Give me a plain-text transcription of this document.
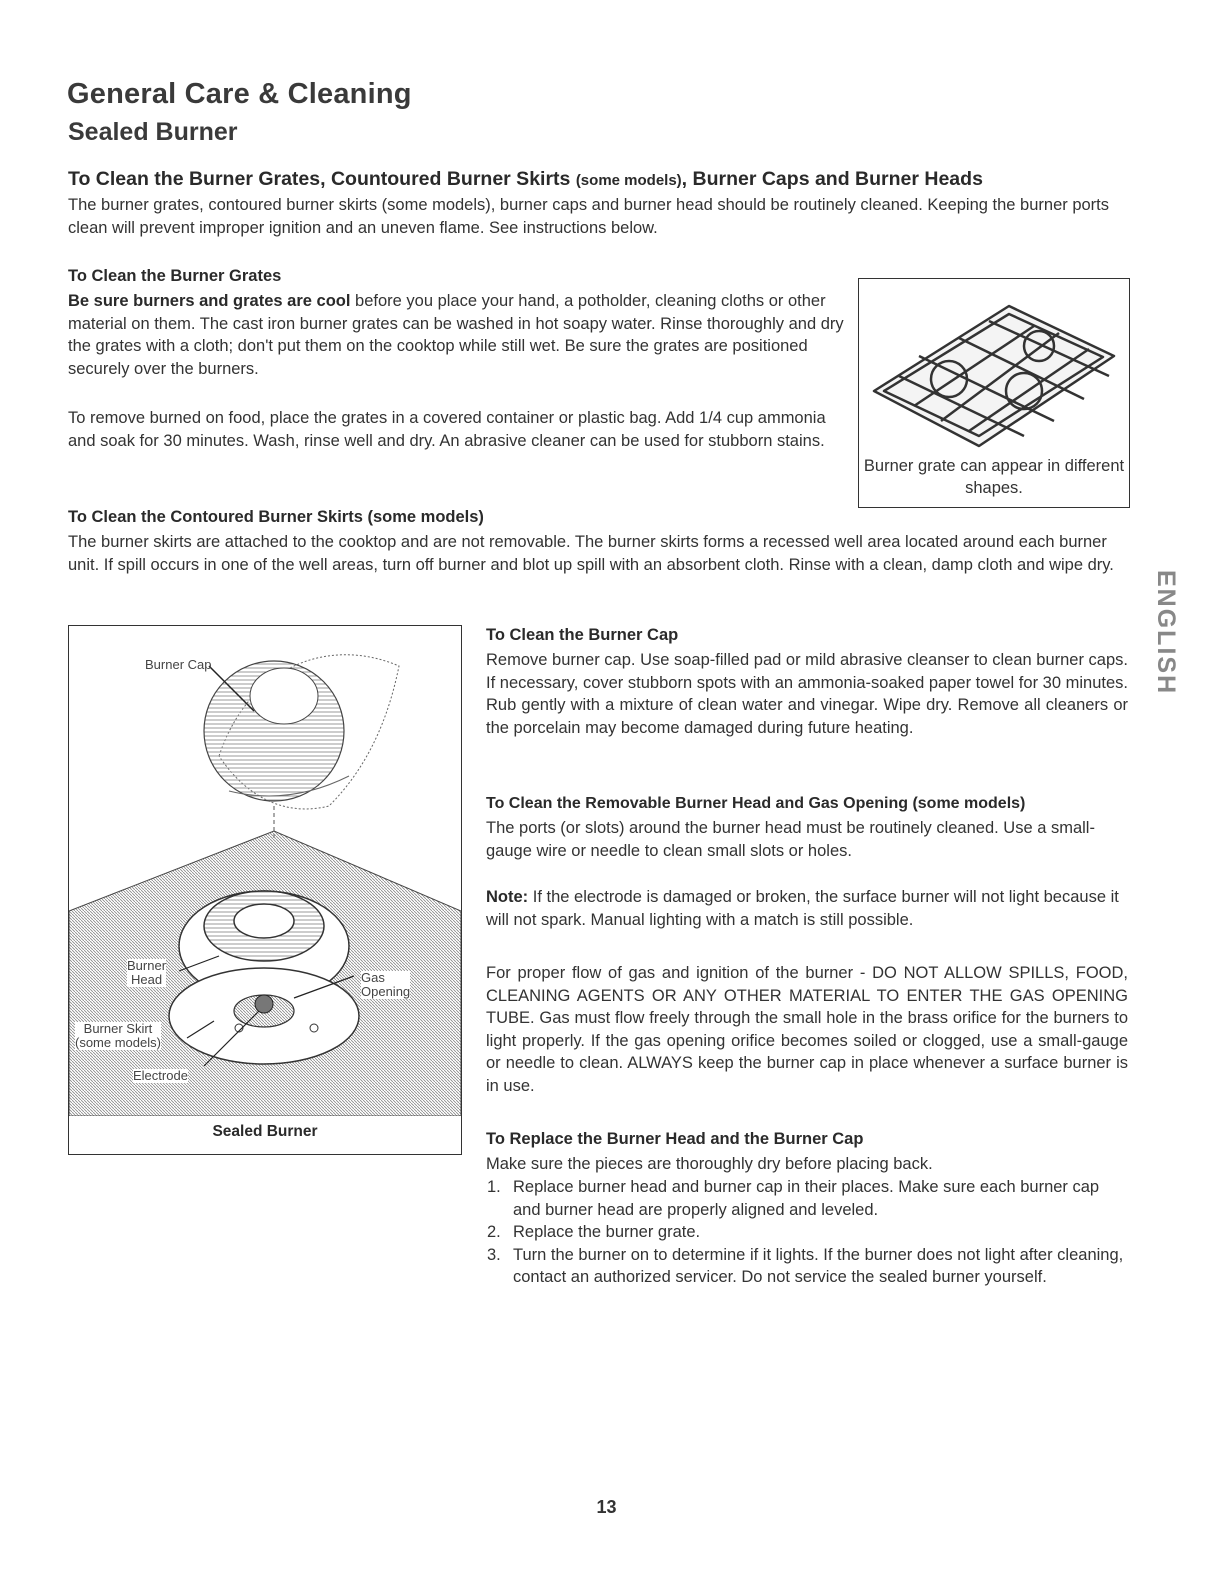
General Care & Cleaning
Sealed Burner
To Clean the Burner Grates, Countoured Burner Skirts (some models), Burner Caps and Burner Heads
The burner grates, contoured burner skirts (some models), burner caps and burner head should be routinely cleaned. Keeping the burner ports clean will prevent improper ignition and an uneven flame. See instructions below.
To Clean the Burner Grates
Be sure burners and grates are cool before you place your hand, a potholder, cleaning cloths or other material on them. The cast iron burner grates can be washed in hot soapy water. Rinse thoroughly and dry the grates with a cloth; don't put them on the cooktop while still wet. Be sure the grates are positioned securely over the burners.
To remove burned on food, place the grates in a covered container or plastic bag. Add 1/4 cup ammonia and soak for 30 minutes. Wash, rinse well and dry. An abrasive cleaner can be used for stubborn stains.
Burner grate can appear in different shapes.
To Clean the Contoured Burner Skirts (some models)
The burner skirts are attached to the cooktop and are not removable. The burner skirts forms a recessed well area located around each burner unit. If spill occurs in one of the well areas, turn off burner and blot up spill with an absorbent cloth. Rinse with a clean, damp cloth and wipe dry.
ENGLISH
Burner Cap
Burner
Head	Gas
Opening
Burner Skirt
(some models)
Electrode
Sealed Burner
To Clean the Burner Cap
Remove burner cap. Use soap-filled pad or mild abrasive cleanser to clean burner caps. If necessary, cover stubborn spots with an ammonia-soaked paper towel for 30 minutes. Rub gently with a mixture of clean water and vinegar. Wipe dry. Remove all cleaners or the porcelain may become damaged during future heating.
To Clean the Removable Burner Head and Gas Opening (some models)
The ports (or slots) around the burner head must be routinely cleaned. Use a small-gauge wire or needle to clean small slots or holes.
Note: If the electrode is damaged or broken, the surface burner will not light because it will not spark. Manual lighting with a match is still possible.
For proper flow of gas and ignition of the burner - DO NOT ALLOW SPILLS, FOOD, CLEANING AGENTS OR ANY OTHER MATERIAL TO ENTER THE GAS OPENING TUBE. Gas must flow freely through the small hole in the brass orifice for the burners to light properly. If the gas opening orifice becomes soiled or clogged, use a small-gauge or needle to clean. ALWAYS keep the burner cap in place whenever a surface burner is in use.
To Replace the Burner Head and the Burner Cap
Make sure the pieces are thoroughly dry before placing back.
1. Replace burner head and burner cap in their places. Make sure each burner cap and burner head are properly aligned and leveled.
2. Replace the burner grate.
3. Turn the burner on to determine if it lights. If the burner does not light after cleaning, contact an authorized servicer. Do not service the sealed burner yourself.
13
